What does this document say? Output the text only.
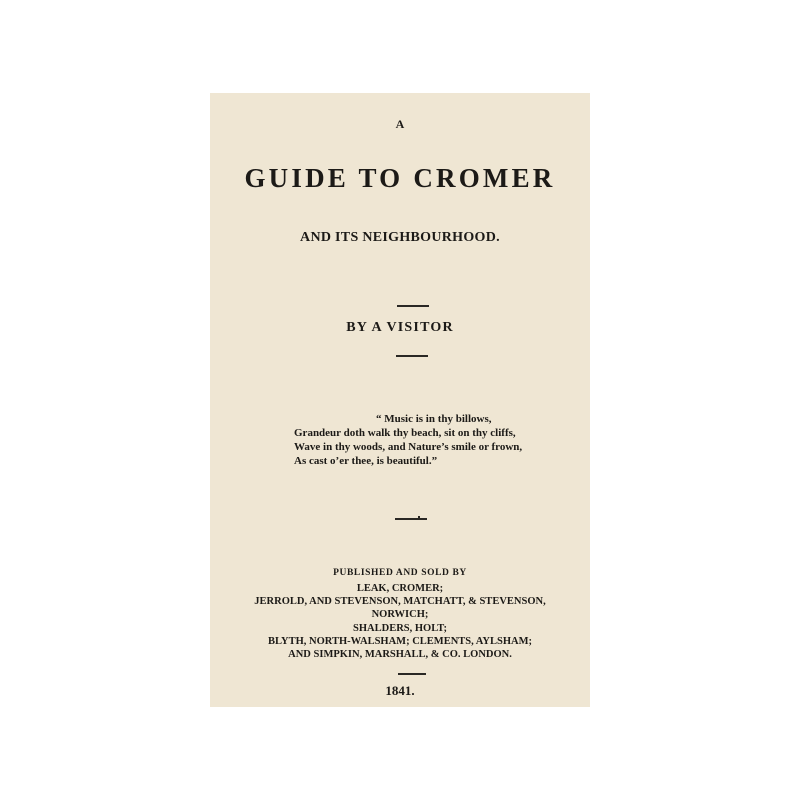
A
GUIDE TO CROMER
AND ITS NEIGHBOURHOOD.
BY A VISITOR
“ Music is in thy billows,
Grandeur doth walk thy beach, sit on thy cliffs,
Wave in thy woods, and Nature’s smile or frown,
As cast o’er thee, is beautiful.”
PUBLISHED AND SOLD BY
LEAK, CROMER;
JERROLD, AND STEVENSON, MATCHATT, & STEVENSON,
NORWICH;
SHALDERS, HOLT;
BLYTH, NORTH-WALSHAM; CLEMENTS, AYLSHAM;
AND SIMPKIN, MARSHALL, & CO. LONDON.
1841.
